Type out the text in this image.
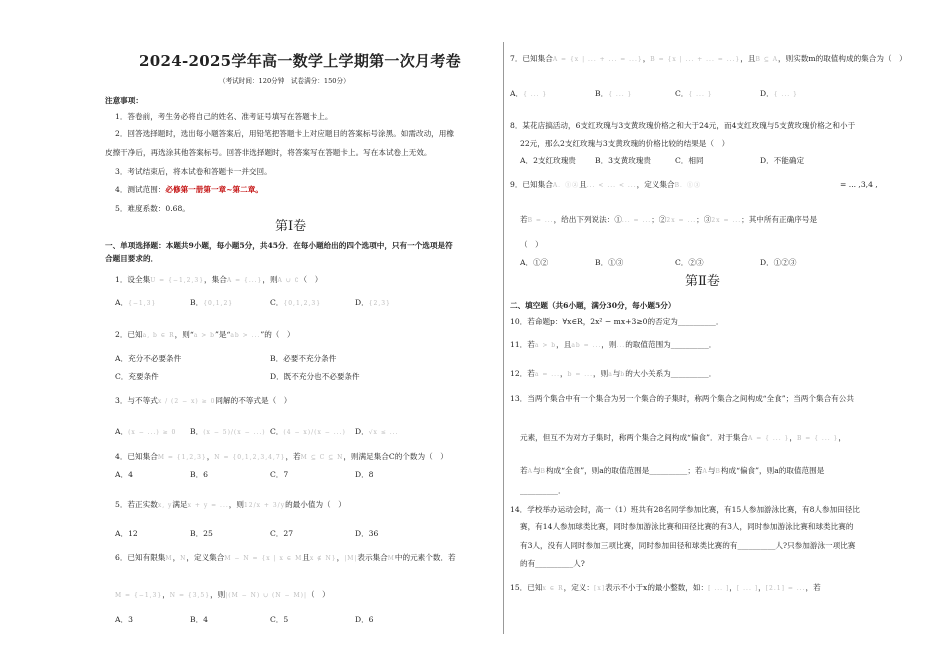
2024-2025学年高一数学上学期第一次月考卷
（考试时间：120分钟　试卷满分：150分）
注意事项：
1．答卷前，考生务必将自己的姓名、准考证号填写在答题卡上。
2．回答选择题时，选出每小题答案后，用铅笔把答题卡上对应题目的答案标号涂黑。如需改动，用橡
皮擦干净后，再选涂其他答案标号。回答非选择题时，将答案写在答题卡上。写在本试卷上无效。
3．考试结束后，将本试卷和答题卡一并交回。
4．测试范围：必修第一册第一章~第二章。
5．难度系数：0.68。
第Ⅰ卷
一、单项选择题：本题共9小题，每小题5分，共45分．在每小题给出的四个选项中，只有一个选项是符
合题目要求的．
1．设全集U = {−1,2,3}，集合A = {...}，则A ∪ ∁（　）
A．{−1,3}	B．{0,1,2}	C．{0,1,2,3}	D．{2,3}
2．已知a, b ∈ R，则“a > b”是“ab > ...”的（　）
A．充分不必要条件	B．必要不充分条件
C．充要条件	D．既不充分也不必要条件
3．与不等式x / (2 − x) ≥ 0同解的不等式是（　）
A．(x − ...) ≥ 0 B．(x − 5)/(x − ...) C．(4 − x)/(x − ...) D．√x ≤ ...
4．已知集合M = {1,2,3}，N = {0,1,2,3,4,7}，若M ⊆ C ⊆ N，则满足集合C的个数为（　）
A．4	B．6	C．7	D．8
5．若正实数x, y满足x + y = ...，则12/x + 3/y的最小值为（　）
A．12	B．25	C．27	D．36
6．已知有限集M，N，定义集合M − N = {x | x ∈ M且x ∉ N}，|M|表示集合M中的元素个数．若
M = {−1,3}，N = {3,5}，则|(M − N) ∪ (N − M)|（　）
A．3	B．4	C．5	D．6
7．已知集合A = {x | ... + ... = ...}，B = {x | ... + ... = ...}，且B ⊆ A，则实数m的取值构成的集合为（　）
A．{ ... }	B．{ ... }	C．{ ... }	D．{ ... }
8．某花店搞活动，6支红玫瑰与3支黄玫瑰价格之和大于24元，而4支红玫瑰与5支黄玫瑰价格之和小于
22元，那么2支红玫瑰与3支黄玫瑰的价格比较的结果是（　）
A．2支红玫瑰贵	B．3支黄玫瑰贵	C．相同	D．不能确定
9．已知集合A．①②且... < ... < ...，定义集合B．①③	= ... ,3,4 ,
若B = ...，给出下列说法：①... = ...；②2x = ...；③2x = ...；其中所有正确序号是
（　）
A．①②	B．①③	C．②③	D．①②③
第Ⅱ卷
二、填空题（共6小题，满分30分，每小题5分）
10．若命题p：∀x∈R，2x² − mx+3≥0的否定为__________．
11．若a > b，且ab = ...，则...的取值范围为__________．
12．若a = ...，b = ...，则a与b的大小关系为__________．
13．当两个集合中有一个集合为另一个集合的子集时，称两个集合之间构成“全食”；当两个集合有公共
元素，但互不为对方子集时，称两个集合之间构成“偏食”．对于集合A = { ... }，B = { ... }，
若A与B构成“全食”，则a的取值范围是__________；若A与B构成“偏食”，则a的取值范围是
__________．
14．学校举办运动会时，高一（1）班共有28名同学参加比赛，有15人参加游泳比赛，有8人参加田径比
赛，有14人参加球类比赛，同时参加游泳比赛和田径比赛的有3人，同时参加游泳比赛和球类比赛的
有3人，没有人同时参加三项比赛，同时参加田径和球类比赛的有__________人?只参加游泳一项比赛
的有__________人?
15．已知x ∈ R，定义：[x]表示不小于x的最小整数，如：[ ... ]，[ ... ]，[2.1] = ...，若
